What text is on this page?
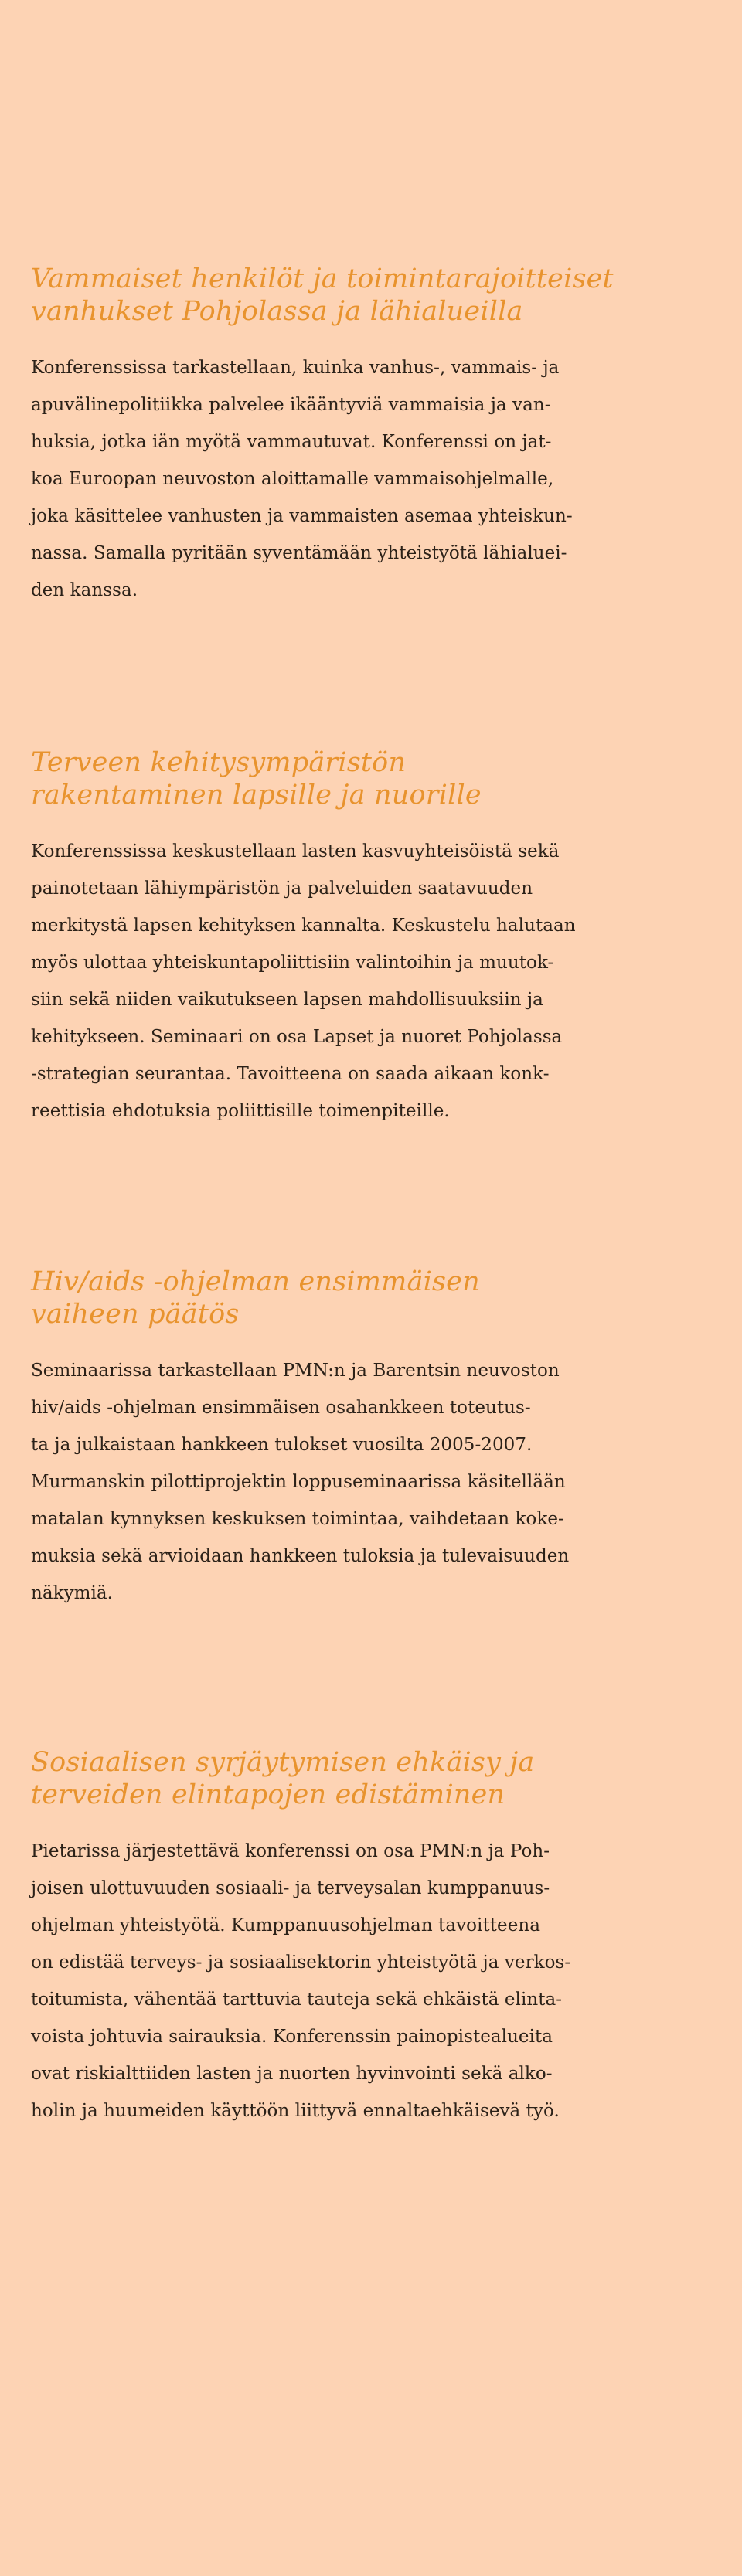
Vammaiset henkilöt ja toimintarajoitteiset
vanhukset Pohjolassa ja lähialueilla

Konferenssissa tarkastellaan, kuinka vanhus-, vammais- ja
apuvälinepolitiikka palvelee ikääntyviä vammaisia ja van-
huksia, jotka iän myötä vammautuvat. Konferenssi on jat-
koa Euroopan neuvoston aloittamalle vammaisohjelmalle,
joka käsittelee vanhusten ja vammaisten asemaa yhteiskun-
nassa. Samalla pyritään syventämään yhteistyötä lähialuei-
den kanssa.

Terveen kehitysympäristön
rakentaminen lapsille ja nuorille

Konferenssissa keskustellaan lasten kasvuyhteisöistä sekä
painotetaan lähiympäristön ja palveluiden saatavuuden
merkitystä lapsen kehityksen kannalta. Keskustelu halutaan
myös ulottaa yhteiskuntapoliittisiin valintoihin ja muutok-
siin sekä niiden vaikutukseen lapsen mahdollisuuksiin ja
kehitykseen. Seminaari on osa Lapset ja nuoret Pohjolassa
-strategian seurantaa. Tavoitteena on saada aikaan konk-
reettisia ehdotuksia poliittisille toimenpiteille.

Hiv/aids -ohjelman ensimmäisen
vaiheen päätös

Seminaarissa tarkastellaan PMN:n ja Barentsin neuvoston
hiv/aids -ohjelman ensimmäisen osahankkeen toteutus-
ta ja julkaistaan hankkeen tulokset vuosilta 2005-2007.
Murmanskin pilottiprojektin loppuseminaarissa käsitellään
matalan kynnyksen keskuksen toimintaa, vaihdetaan koke-
muksia sekä arvioidaan hankkeen tuloksia ja tulevaisuuden
näkymiä.

Sosiaalisen syrjäytymisen ehkäisy ja
terveiden elintapojen edistäminen

Pietarissa järjestettävä konferenssi on osa PMN:n ja Poh-
joisen ulottuvuuden sosiaali- ja terveysalan kumppanuus-
ohjelman yhteistyötä. Kumppanuusohjelman tavoitteena
on edistää terveys- ja sosiaalisektorin yhteistyötä ja verkos-
toitumista, vähentää tarttuvia tauteja sekä ehkäistä elinta-
voista johtuvia sairauksia. Konferenssin painopistealueita
ovat riskialttiiden lasten ja nuorten hyvinvointi sekä alko-
holin ja huumeiden käyttöön liittyvä ennaltaehkäisevä työ.
